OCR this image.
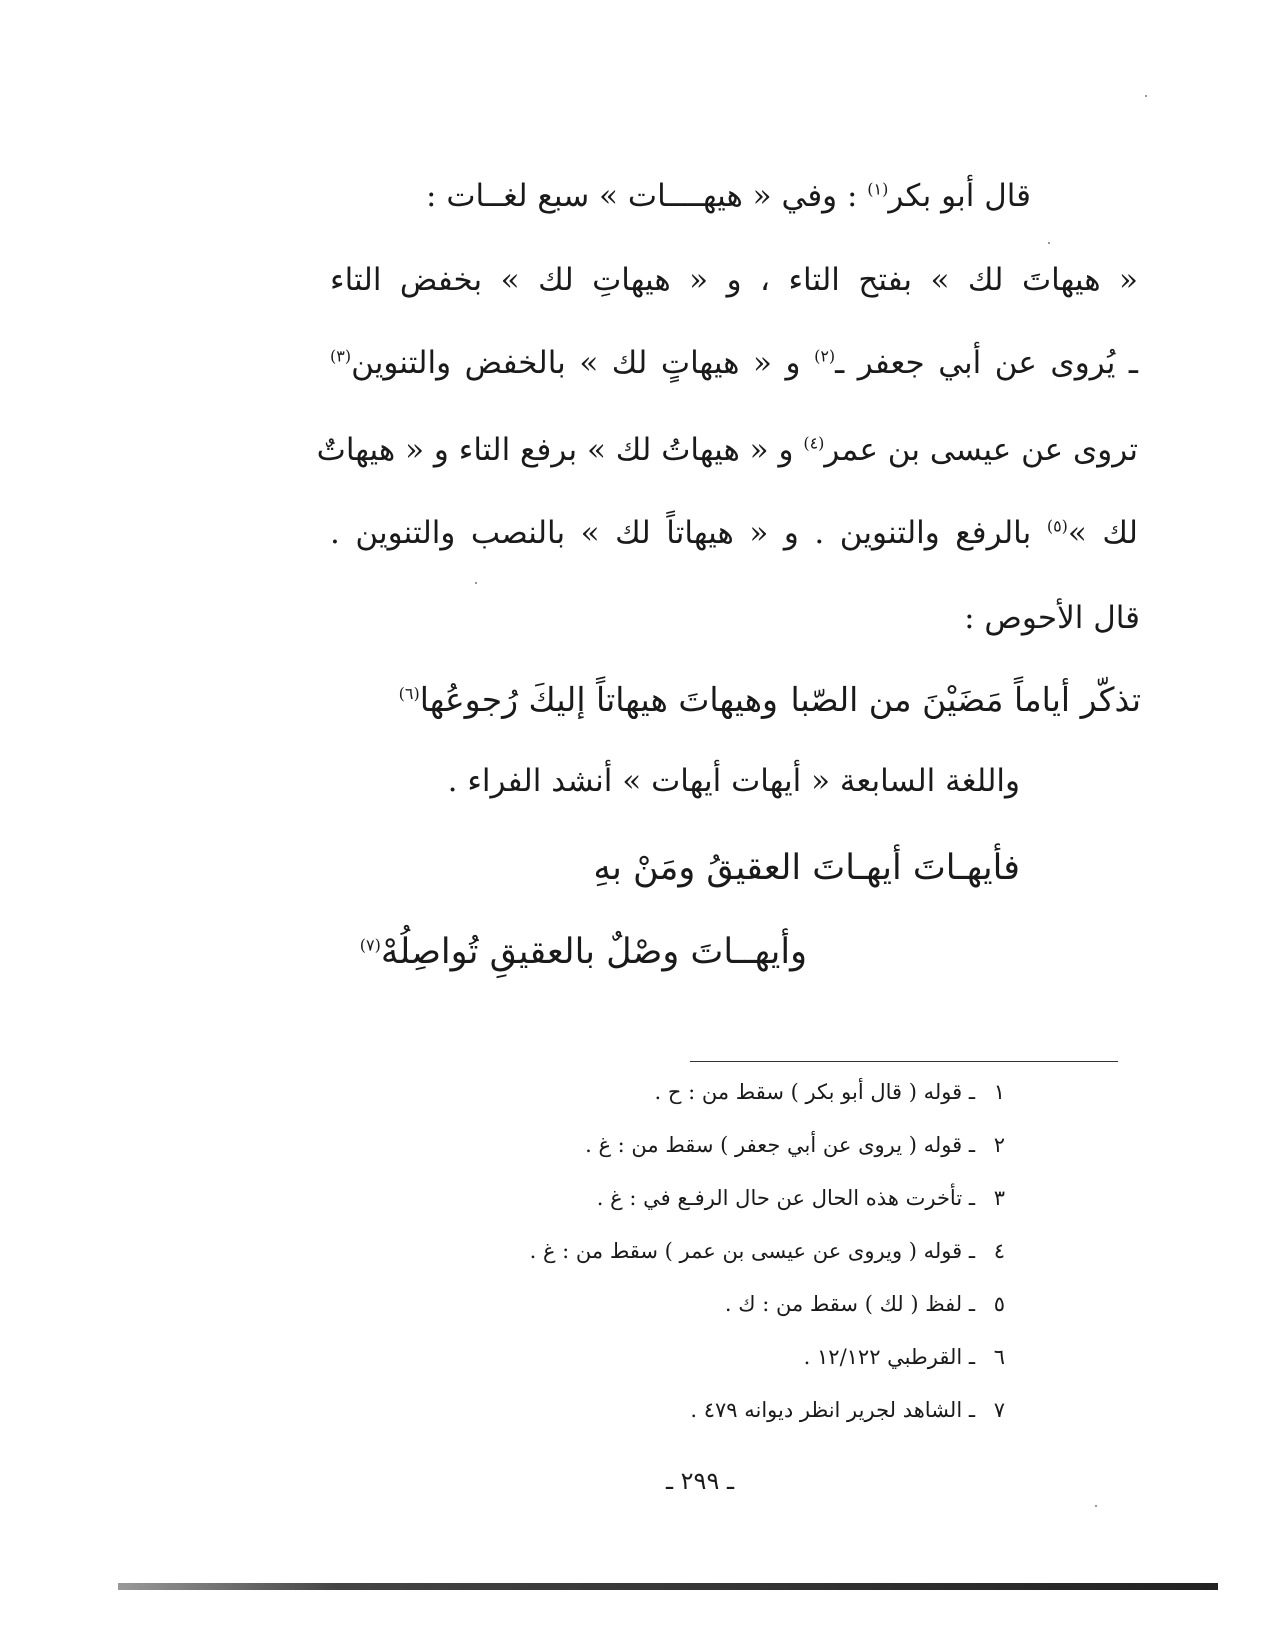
قال أبو بكر$^{(١)}$ : وفي « هيهــــات » سبع لغــات :
« هيهاتَ لك » بفتح التاء ، و « هيهاتِ لك » بخفض التاء
ـ يُروى عن أبي جعفر ـ$^{(٢)}$ و « هيهاتٍ لك » بالخفض والتنوين$^{(٣)}$
تروى عن عيسى بن عمر$^{(٤)}$ و « هيهاتُ لك » برفع التاء و « هيهاتٌ
لك »$^{(٥)}$ بالرفع والتنوين . و « هيهاتاً لك » بالنصب والتنوين .
قال الأحوص :
تذكّر أياماً مَضَيْنَ من الصّبا
وهيهاتَ هيهاتاً إليكَ رُجوعُها$^{(٦)}$
واللغة السابعة « أيهات أيهات » أنشد الفراء .
فأيهـاتَ أيهـاتَ العقيقُ ومَنْ بهِ
وأيهــاتَ وصْلٌ بالعقيقِ تُواصِلُهْ$^{(٧)}$
١ـ قوله ( قال أبو بكر ) سقط من : ح .
٢ـ قوله ( يروى عن أبي جعفر ) سقط من : غ .
٣ـ تأخرت هذه الحال عن حال الرفـع في : غ .
٤ـ قوله ( ويروى عن عيسى بن عمر ) سقط من : غ .
٥ـ لفظ ( لك ) سقط من : ك .
٦ـ القرطبي ١٢/١٢٢ .
٧ـ الشاهد لجرير انظر ديوانه ٤٧٩ .
ـ ٢٩٩ ـ
